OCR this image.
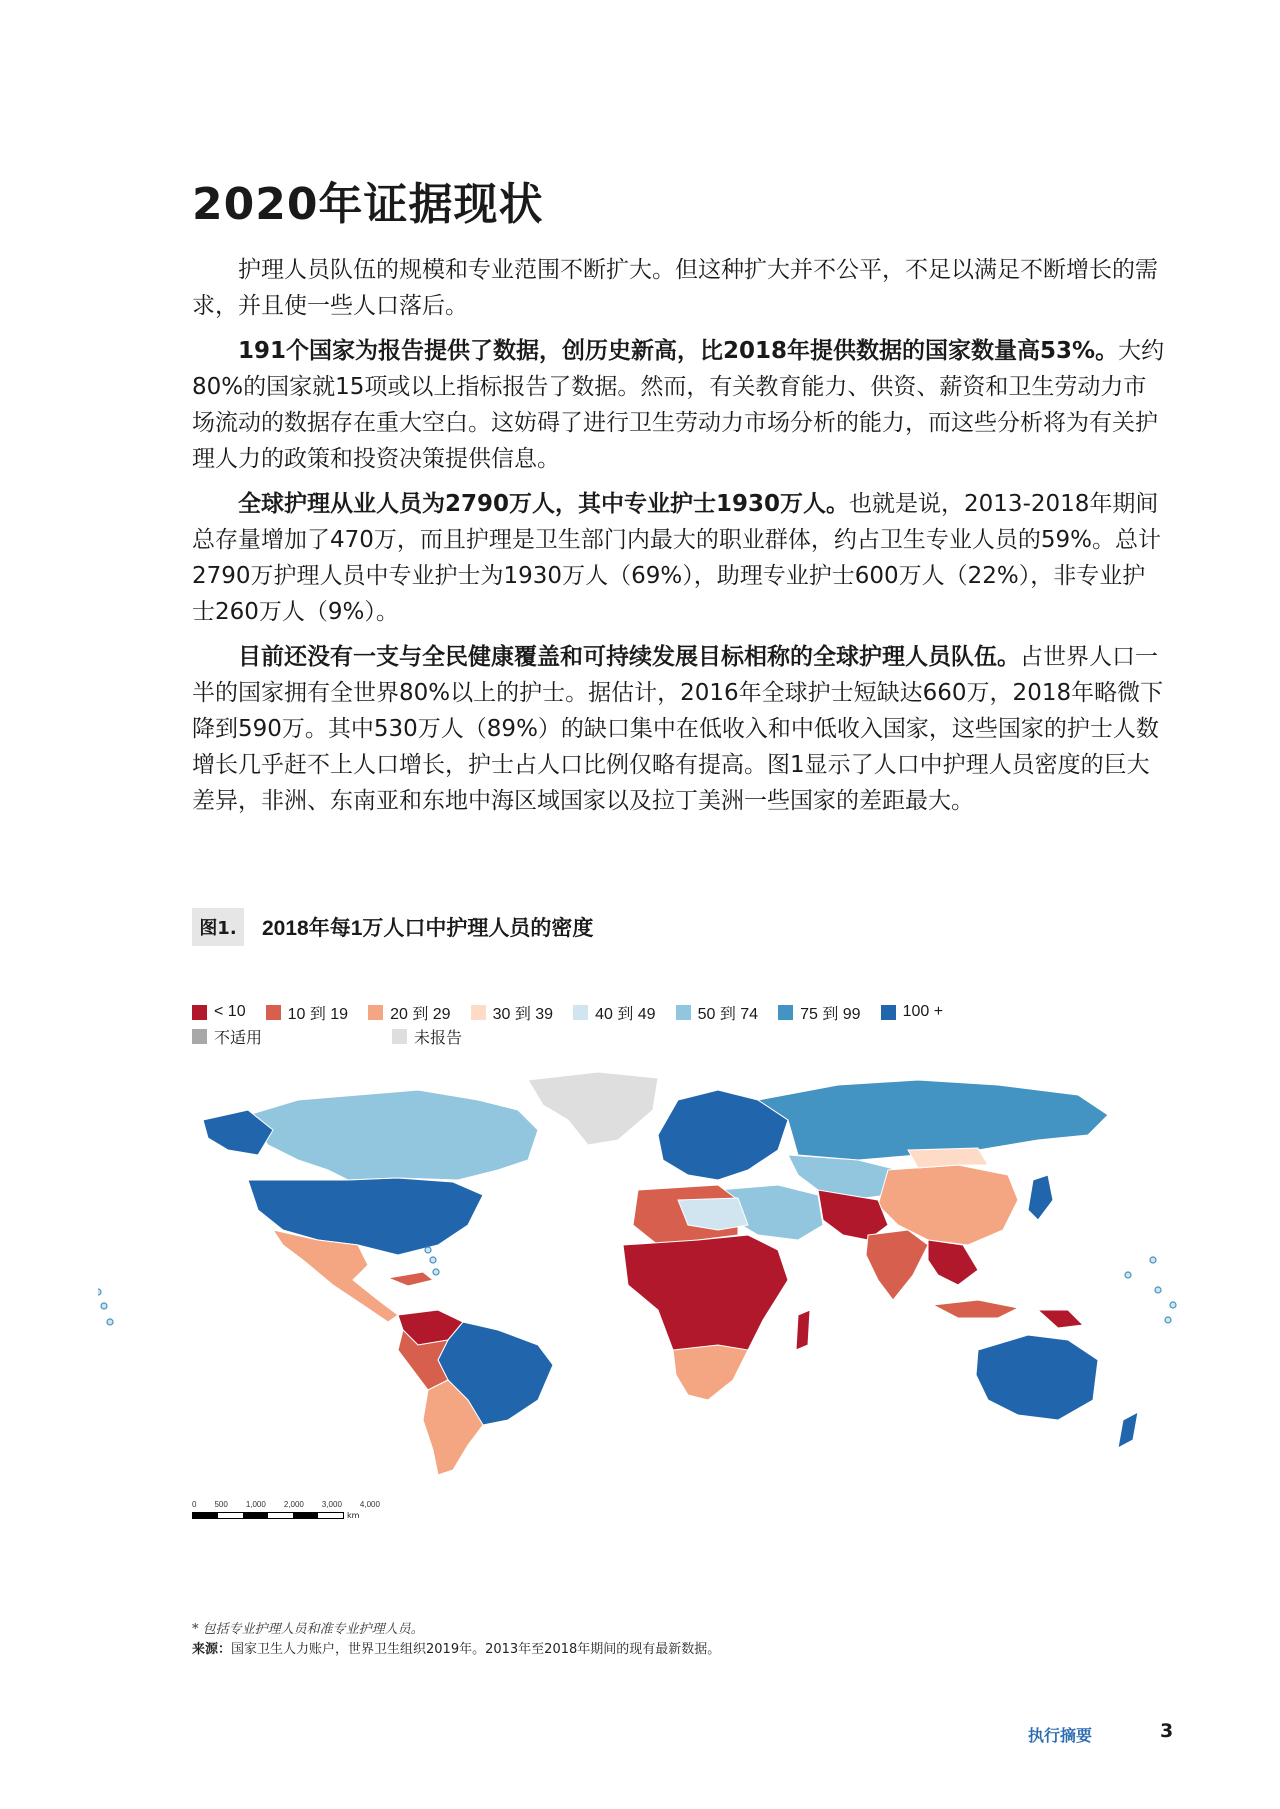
2020年证据现状

护理人员队伍的规模和专业范围不断扩大。但这种扩大并不公平，不足以满足不断增长的需求，并且使一些人口落后。

191个国家为报告提供了数据，创历史新高，比2018年提供数据的国家数量高53%。大约80%的国家就15项或以上指标报告了数据。然而，有关教育能力、供资、薪资和卫生劳动力市场流动的数据存在重大空白。这妨碍了进行卫生劳动力市场分析的能力，而这些分析将为有关护理人力的政策和投资决策提供信息。

全球护理从业人员为2790万人，其中专业护士1930万人。也就是说，2013-2018年期间总存量增加了470万，而且护理是卫生部门内最大的职业群体，约占卫生专业人员的59%。总计2790万护理人员中专业护士为1930万人（69%），助理专业护士600万人（22%），非专业护士260万人（9%）。

目前还没有一支与全民健康覆盖和可持续发展目标相称的全球护理人员队伍。占世界人口一半的国家拥有全世界80%以上的护士。据估计，2016年全球护士短缺达660万，2018年略微下降到590万。其中530万人（89%）的缺口集中在低收入和中低收入国家，这些国家的护士人数增长几乎赶不上人口增长，护士占人口比例仅略有提高。图1显示了人口中护理人员密度的巨大差异，非洲、东南亚和东地中海区域国家以及拉丁美洲一些国家的差距最大。

图1.	2018年每1万人口中护理人员的密度
< 10	10 到 19	20 到 29	30 到 39	40 到 49	50 到 74	75 到 99	100 +
不适用	未报告
0 500 1,000 2,000 3,000 4,000
km
* 包括专业护理人员和准专业护理人员。
来源：国家卫生人力账户，世界卫生组织2019年。2013年至2018年期间的现有最新数据。
执行摘要	3
